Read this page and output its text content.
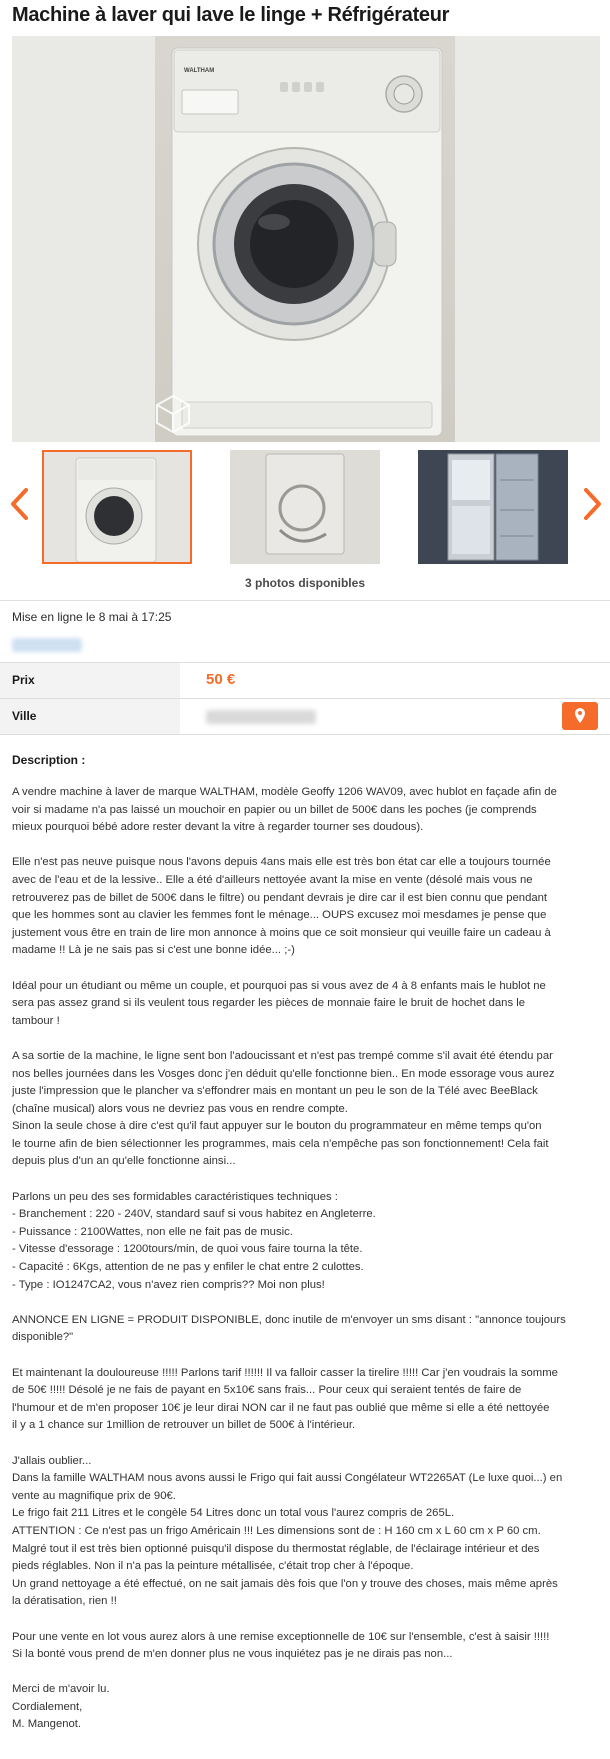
Machine à laver qui lave le linge + Réfrigérateur
WALTHAM
3 photos disponibles
Mise en ligne le 8 mai à 17:25
Prix	50 €
Ville
Description :

A vendre machine à laver de marque WALTHAM, modèle Geoffy 1206 WAV09, avec hublot en façade afin de
voir si madame n'a pas laissé un mouchoir en papier ou un billet de 500€ dans les poches (je comprends
mieux pourquoi bébé adore rester devant la vitre à regarder tourner ses doudous).

Elle n'est pas neuve puisque nous l'avons depuis 4ans mais elle est très bon état car elle a toujours tournée
avec de l'eau et de la lessive.. Elle a été d'ailleurs nettoyée avant la mise en vente (désolé mais vous ne
retrouverez pas de billet de 500€ dans le filtre) ou pendant devrais je dire car il est bien connu que pendant
que les hommes sont au clavier les femmes font le ménage... OUPS excusez moi mesdames je pense que
justement vous être en train de lire mon annonce à moins que ce soit monsieur qui veuille faire un cadeau à
madame !! Là je ne sais pas si c'est une bonne idée... ;-)

Idéal pour un étudiant ou même un couple, et pourquoi pas si vous avez de 4 à 8 enfants mais le hublot ne
sera pas assez grand si ils veulent tous regarder les pièces de monnaie faire le bruit de hochet dans le
tambour !

A sa sortie de la machine, le ligne sent bon l'adoucissant et n'est pas trempé comme s'il avait été étendu par
nos belles journées dans les Vosges donc j'en déduit qu'elle fonctionne bien.. En mode essorage vous aurez
juste l'impression que le plancher va s'effondrer mais en montant un peu le son de la Télé avec BeeBlack
(chaîne musical) alors vous ne devriez pas vous en rendre compte.
Sinon la seule chose à dire c'est qu'il faut appuyer sur le bouton du programmateur en même temps qu'on
le tourne afin de bien sélectionner les programmes, mais cela n'empêche pas son fonctionnement! Cela fait
depuis plus d'un an qu'elle fonctionne ainsi...

Parlons un peu des ses formidables caractéristiques techniques :
- Branchement : 220 - 240V, standard sauf si vous habitez en Angleterre.
- Puissance : 2100Wattes, non elle ne fait pas de music.
- Vitesse d'essorage : 1200tours/min, de quoi vous faire tourna la tête.
- Capacité : 6Kgs, attention de ne pas y enfiler le chat entre 2 culottes.
- Type : IO1247CA2, vous n'avez rien compris?? Moi non plus!

ANNONCE EN LIGNE = PRODUIT DISPONIBLE, donc inutile de m'envoyer un sms disant : "annonce toujours
disponible?"

Et maintenant la douloureuse !!!!! Parlons tarif !!!!!! Il va falloir casser la tirelire !!!!! Car j'en voudrais la somme
de 50€ !!!!! Désolé je ne fais de payant en 5x10€ sans frais... Pour ceux qui seraient tentés de faire de
l'humour et de m'en proposer 10€ je leur dirai NON car il ne faut pas oublié que même si elle a été nettoyée
il y a 1 chance sur 1million de retrouver un billet de 500€ à l'intérieur.

J'allais oublier...
Dans la famille WALTHAM nous avons aussi le Frigo qui fait aussi Congélateur WT2265AT (Le luxe quoi...) en
vente au magnifique prix de 90€.
Le frigo fait 211 Litres et le congèle 54 Litres donc un total vous l'aurez compris de 265L.
ATTENTION : Ce n'est pas un frigo Américain !!! Les dimensions sont de : H 160 cm x L 60 cm x P 60 cm.
Malgré tout il est très bien optionné puisqu'il dispose du thermostat réglable, de l'éclairage intérieur et des
pieds réglables. Non il n'a pas la peinture métallisée, c'était trop cher à l'époque.
Un grand nettoyage a été effectué, on ne sait jamais dès fois que l'on y trouve des choses, mais même après
la dératisation, rien !!

Pour une vente en lot vous aurez alors à une remise exceptionnelle de 10€ sur l'ensemble, c'est à saisir !!!!!
Si la bonté vous prend de m'en donner plus ne vous inquiétez pas je ne dirais pas non...

Merci de m'avoir lu.
Cordialement,
M. Mangenot.
